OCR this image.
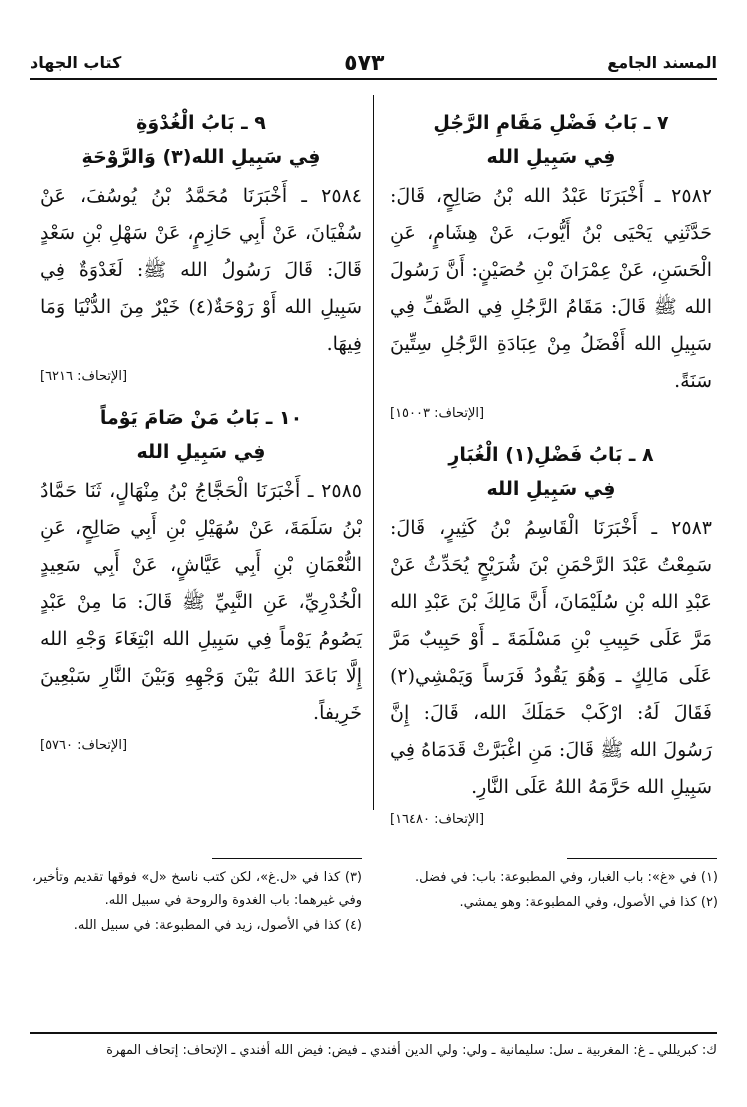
المسند الجامع
٥٧٣
كتاب الجهاد
٧ ـ بَابُ فَضْلِ مَقَامِ الرَّجُلِ
فِي سَبِيلِ الله

٢٥٨٢ ـ أَخْبَرَنَا عَبْدُ الله بْنُ صَالِحٍ، قَالَ: حَدَّثَنِي يَحْيَى بْنُ أَيُّوبَ، عَنْ هِشَامٍ، عَنِ الْحَسَنِ، عَنْ عِمْرَانَ بْنِ حُصَيْنٍ: أَنَّ رَسُولَ الله ﷺ قَالَ: مَقَامُ الرَّجُلِ فِي الصَّفِّ فِي سَبِيلِ الله أَفْضَلُ مِنْ عِبَادَةِ الرَّجُلِ سِتِّينَ سَنَةً.

[الإتحاف: ١٥٠٠٣]
٨ ـ بَابُ فَضْلِ(١) الْغُبَارِ
فِي سَبِيلِ الله

٢٥٨٣ ـ أَخْبَرَنَا الْقَاسِمُ بْنُ كَثِيرٍ، قَالَ: سَمِعْتُ عَبْدَ الرَّحْمَنِ بْنَ شُرَيْحٍ يُحَدِّثُ عَنْ عَبْدِ الله بْنِ سُلَيْمَانَ، أَنَّ مَالِكَ بْنَ عَبْدِ الله مَرَّ عَلَى حَبِيبِ بْنِ مَسْلَمَةَ ـ أَوْ حَبِيبٌ مَرَّ عَلَى مَالِكٍ ـ وَهُوَ يَقُودُ فَرَساً وَيَمْشِي(٢) فَقَالَ لَهُ: ارْكَبْ حَمَلَكَ الله، قَالَ: إِنَّ رَسُولَ الله ﷺ قَالَ: مَنِ اغْبَرَّتْ قَدَمَاهُ فِي سَبِيلِ الله حَرَّمَهُ اللهُ عَلَى النَّارِ.

[الإتحاف: ١٦٤٨٠]
٩ ـ بَابُ الْغُدْوَةِ
فِي سَبِيلِ الله(٣) وَالرَّوْحَةِ

٢٥٨٤ ـ أَخْبَرَنَا مُحَمَّدُ بْنُ يُوسُفَ، عَنْ سُفْيَانَ، عَنْ أَبِي حَازِمٍ، عَنْ سَهْلِ بْنِ سَعْدٍ قَالَ: قَالَ رَسُولُ الله ﷺ: لَغَدْوَةٌ فِي سَبِيلِ الله أَوْ رَوْحَةٌ(٤) خَيْرٌ مِنَ الدُّنْيَا وَمَا فِيهَا.

[الإتحاف: ٦٢١٦]
١٠ ـ بَابُ مَنْ صَامَ يَوْماً
فِي سَبِيلِ الله

٢٥٨٥ ـ أَخْبَرَنَا الْحَجَّاجُ بْنُ مِنْهَالٍ، ثَنَا حَمَّادُ بْنُ سَلَمَةَ، عَنْ سُهَيْلِ بْنِ أَبِي صَالِحٍ، عَنِ النُّعْمَانِ بْنِ أَبِي عَيَّاشٍ، عَنْ أَبِي سَعِيدٍ الْخُدْرِيِّ، عَنِ النَّبِيِّ ﷺ قَالَ: مَا مِنْ عَبْدٍ يَصُومُ يَوْماً فِي سَبِيلِ الله ابْتِغَاءَ وَجْهِ الله إِلَّا بَاعَدَ اللهُ بَيْنَ وَجْهِهِ وَبَيْنَ النَّارِ سَبْعِينَ خَرِيفاً.

[الإتحاف: ٥٧٦٠]

(١) في «غ»: باب الغبار، وفي المطبوعة: باب: في فضل.

(٢) كذا في الأصول، وفي المطبوعة: وهو يمشي.

(٣) كذا في «ل.غ»، لكن كتب ناسخ «ل» فوقها تقديم وتأخير، وفي غيرهما: باب الغدوة والروحة في سبيل الله.

(٤) كذا في الأصول، زيد في المطبوعة: في سبيل الله.

ك: كبريللي ـ غ: المغربية ـ سل: سليمانية ـ ولي: ولي الدين أفندي ـ فيض: فيض الله أفندي ـ الإتحاف: إتحاف المهرة
